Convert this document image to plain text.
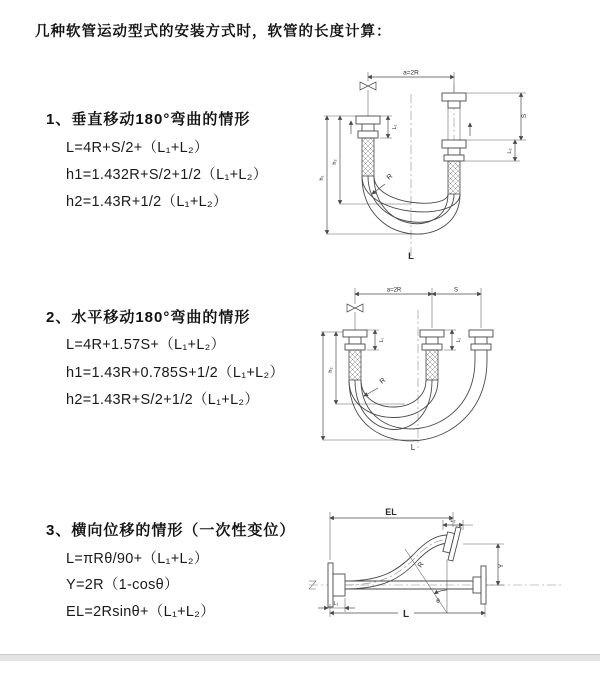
几种软管运动型式的安装方式时，软管的长度计算：
1、垂直移动180°弯曲的情形
L=4R+S/2+（L₁+L₂）
h1=1.432R+S/2+1/2（L₁+L₂）
h2=1.43R+1/2（L₁+L₂）
2、水平移动180°弯曲的情形
L=4R+1.57S+（L₁+L₂）
h1=1.43R+0.785S+1/2（L₁+L₂）
h2=1.43R+S/2+1/2（L₁+L₂）
3、横向位移的情形（一次性变位）
L=πRθ/90+（L₁+L₂）
Y=2R（1-cosθ）
EL=2Rsinθ+（L₁+L₂）
a=2R
L₁
S
L₂
h₁
h₂
R
L
a=2R	S
L₁	L₂
h₂
R
L
EL
L₂
Y
R
θ
L
L₁
